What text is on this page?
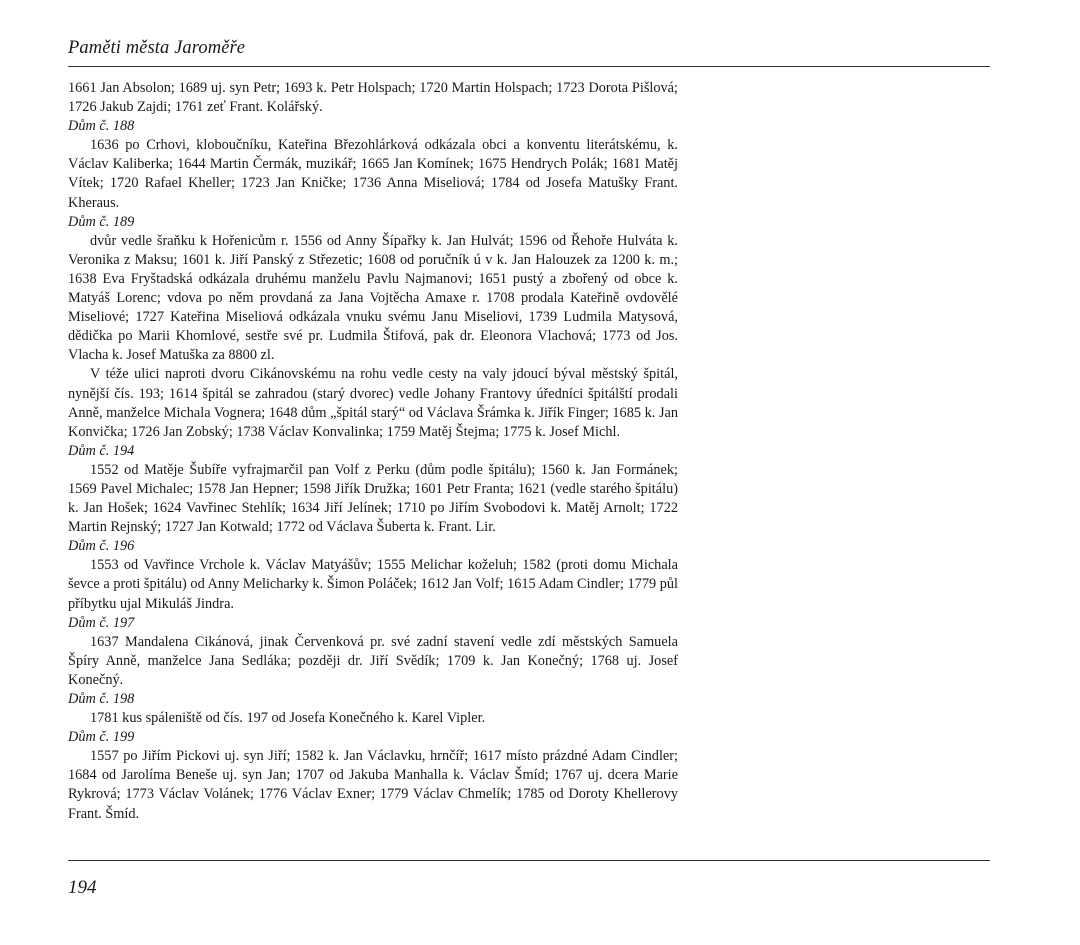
Paměti města Jaroměře

1661 Jan Absolon; 1689 uj. syn Petr; 1693 k. Petr Holspach; 1720 Martin Holspach; 1723 Dorota Pišlová; 1726 Jakub Zajdi; 1761 zeť Frant. Kolářský.

Dům č. 188

1636 po Crhovi, kloboučníku, Kateřina Březohlárková odkázala obci a konventu literátskému, k. Václav Kaliberka; 1644 Martin Čermák, muzikář; 1665 Jan Komínek; 1675 Hendrych Polák; 1681 Matěj Vítek; 1720 Rafael Kheller; 1723 Jan Kničke; 1736 Anna Miseliová; 1784 od Josefa Matušky Frant. Kheraus.

Dům č. 189

dvůr vedle šraňku k Hořenicům r. 1556 od Anny Šípařky k. Jan Hulvát; 1596 od Řehoře Hulváta k. Veronika z Maksu; 1601 k. Jiří Panský z Střezetic; 1608 od poručník ú v k. Jan Halouzek za 1200 k. m.; 1638 Eva Fryštadská odkázala druhému manželu Pavlu Najmanovi; 1651 pustý a zbořený od obce k. Matyáš Lorenc; vdova po něm provdaná za Jana Vojtěcha Amaxe r. 1708 prodala Kateřině ovdovělé Miseliové; 1727 Kateřina Miseliová odkázala vnuku svému Janu Miseliovi, 1739 Ludmila Matysová, dědička po Marii Khomlové, sestře své pr. Ludmila Štifová, pak dr. Eleonora Vlachová; 1773 od Jos. Vlacha k. Josef Matuška za 8800 zl.

V téže ulici naproti dvoru Cikánovskému na rohu vedle cesty na valy jdoucí býval městský špitál, nynější čís. 193; 1614 špitál se zahradou (starý dvorec) vedle Johany Frantovy úředníci špitálští prodali Anně, manželce Michala Vognera; 1648 dům „špitál starý“ od Václava Šrámka k. Jiřík Finger; 1685 k. Jan Konvička; 1726 Jan Zobský; 1738 Václav Konvalinka; 1759 Matěj Štejma; 1775 k. Josef Michl.

Dům č. 194

1552 od Matěje Šubíře vyfrajmarčil pan Volf z Perku (dům podle špitálu); 1560 k. Jan Formánek; 1569 Pavel Michalec; 1578 Jan Hepner; 1598 Jiřík Družka; 1601 Petr Franta; 1621 (vedle starého špitálu) k. Jan Hošek; 1624 Vavřinec Stehlík; 1634 Jiří Jelínek; 1710 po Jiřím Svobodovi k. Matěj Arnolt; 1722 Martin Rejnský; 1727 Jan Kotwald; 1772 od Václava Šuberta k. Frant. Lir.

Dům č. 196

1553 od Vavřince Vrchole k. Václav Matyášův; 1555 Melichar koželuh; 1582 (proti domu Michala ševce a proti špitálu) od Anny Melicharky k. Šimon Poláček; 1612 Jan Volf; 1615 Adam Cindler; 1779 půl příbytku ujal Mikuláš Jindra.

Dům č. 197

1637 Mandalena Cikánová, jinak Červenková pr. své zadní stavení vedle zdí městských Samuela Špíry Anně, manželce Jana Sedláka; později dr. Jiří Svědík; 1709 k. Jan Konečný; 1768 uj. Josef Konečný.

Dům č. 198

1781 kus spáleniště od čís. 197 od Josefa Konečného k. Karel Vipler.

Dům č. 199

1557 po Jiřím Pickovi uj. syn Jiří; 1582 k. Jan Václavku, hrnčíř; 1617 místo prázdné Adam Cindler; 1684 od Jarolíma Beneše uj. syn Jan; 1707 od Jakuba Manhalla k. Václav Šmíd; 1767 uj. dcera Marie Rykrová; 1773 Václav Volánek; 1776 Václav Exner; 1779 Václav Chmelík; 1785 od Doroty Khellerovy Frant. Šmíd.

194
